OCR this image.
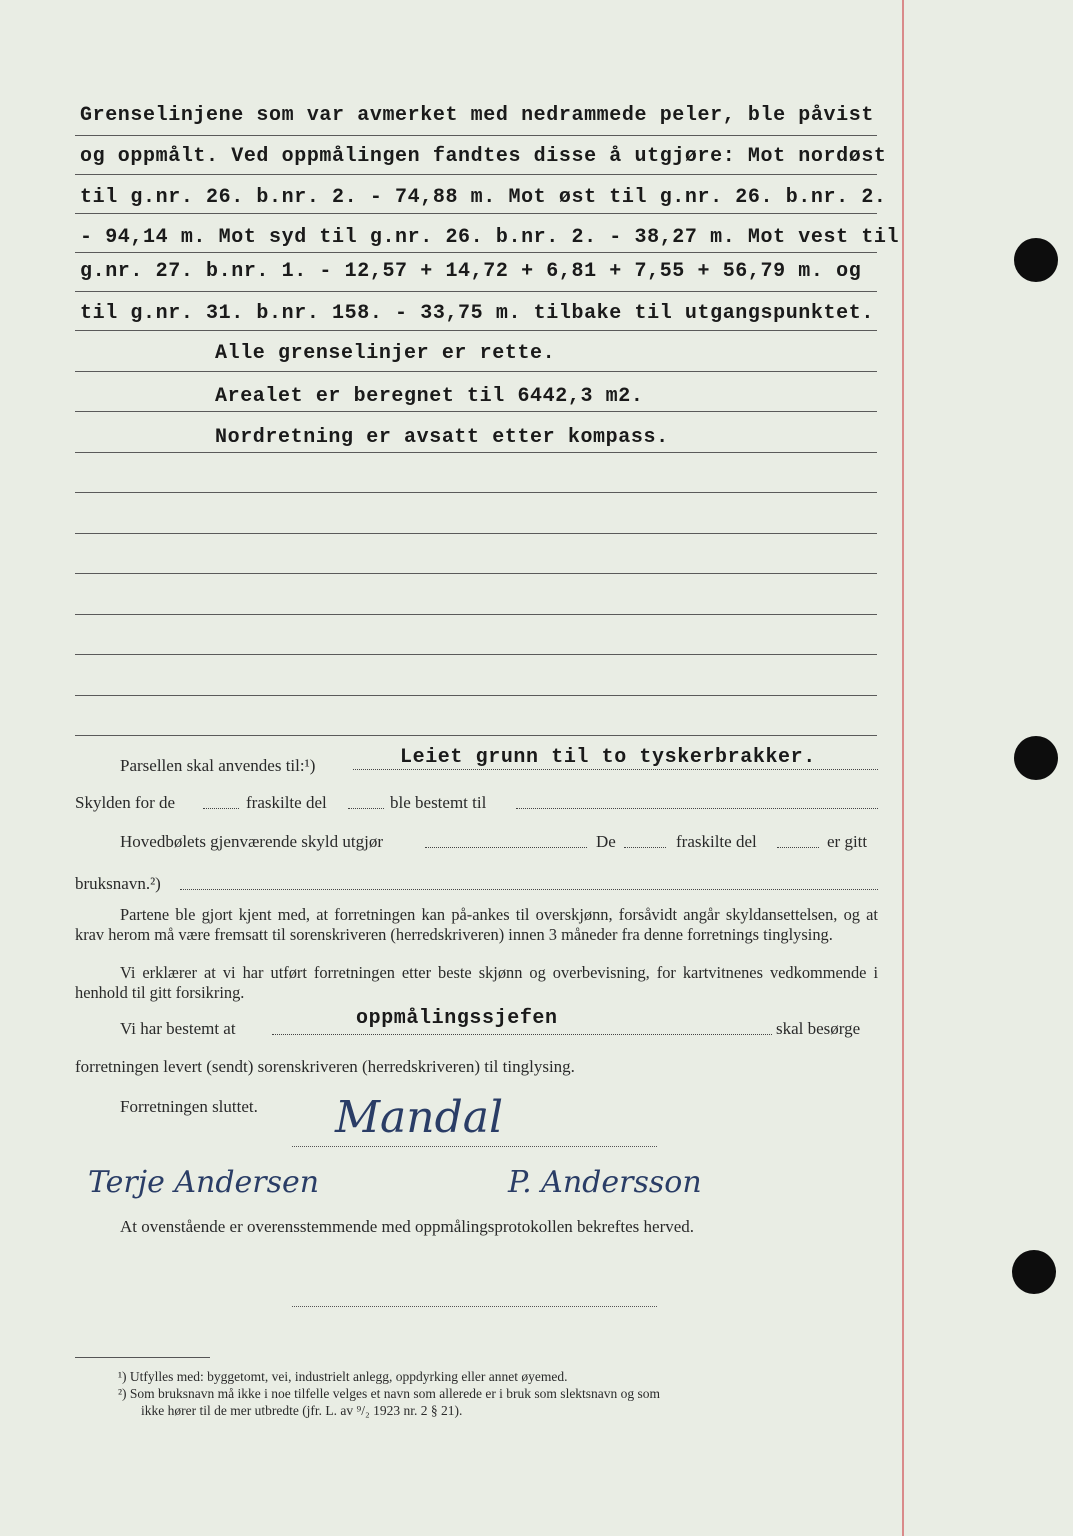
Grenselinjene som var avmerket med nedrammede peler, ble påvist
og oppmålt. Ved oppmålingen fandtes disse å utgjøre: Mot nordøst
til g.nr. 26. b.nr. 2. - 74,88 m. Mot øst til g.nr. 26. b.nr. 2.
- 94,14 m. Mot syd til g.nr. 26. b.nr. 2. - 38,27 m. Mot vest til
g.nr. 27. b.nr. 1. - 12,57 + 14,72 + 6,81 + 7,55 + 56,79 m. og
til g.nr. 31. b.nr. 158. - 33,75 m. tilbake til utgangspunktet.
Alle grenselinjer er rette.
Arealet er beregnet til 6442,3 m2.
Nordretning er avsatt etter kompass.
Parsellen skal anvendes til:¹)	Leiet grunn til to tyskerbrakker.
Skylden for de	fraskilte del	ble bestemt til
Hovedbølets gjenværende skyld utgjør	De	fraskilte del	er gitt
bruksnavn.²)
Partene ble gjort kjent med, at forretningen kan på-ankes til overskjønn, forsåvidt angår skyldansettelsen, og at krav herom må være fremsatt til sorenskriveren (herredskriveren) innen 3 måneder fra denne forretnings tinglysing.
Vi erklærer at vi har utført forretningen etter beste skjønn og overbevisning, for kartvitnenes vedkommende i henhold til gitt forsikring.
Vi har bestemt at	oppmålingssjefen	skal besørge
forretningen levert (sendt) sorenskriveren (herredskriveren) til tinglysing.
Forretningen sluttet. Mandal
Terje Andersen	P. Andersson
At ovenstående er overensstemmende med oppmålingsprotokollen bekreftes herved.
¹) Utfylles med: byggetomt, vei, industrielt anlegg, oppdyrking eller annet øyemed.
²) Som bruksnavn må ikke i noe tilfelle velges et navn som allerede er i bruk som slektsnavn og som
ikke hører til de mer utbredte (jfr. L. av ⁹/₂ 1923 nr. 2 § 21).
